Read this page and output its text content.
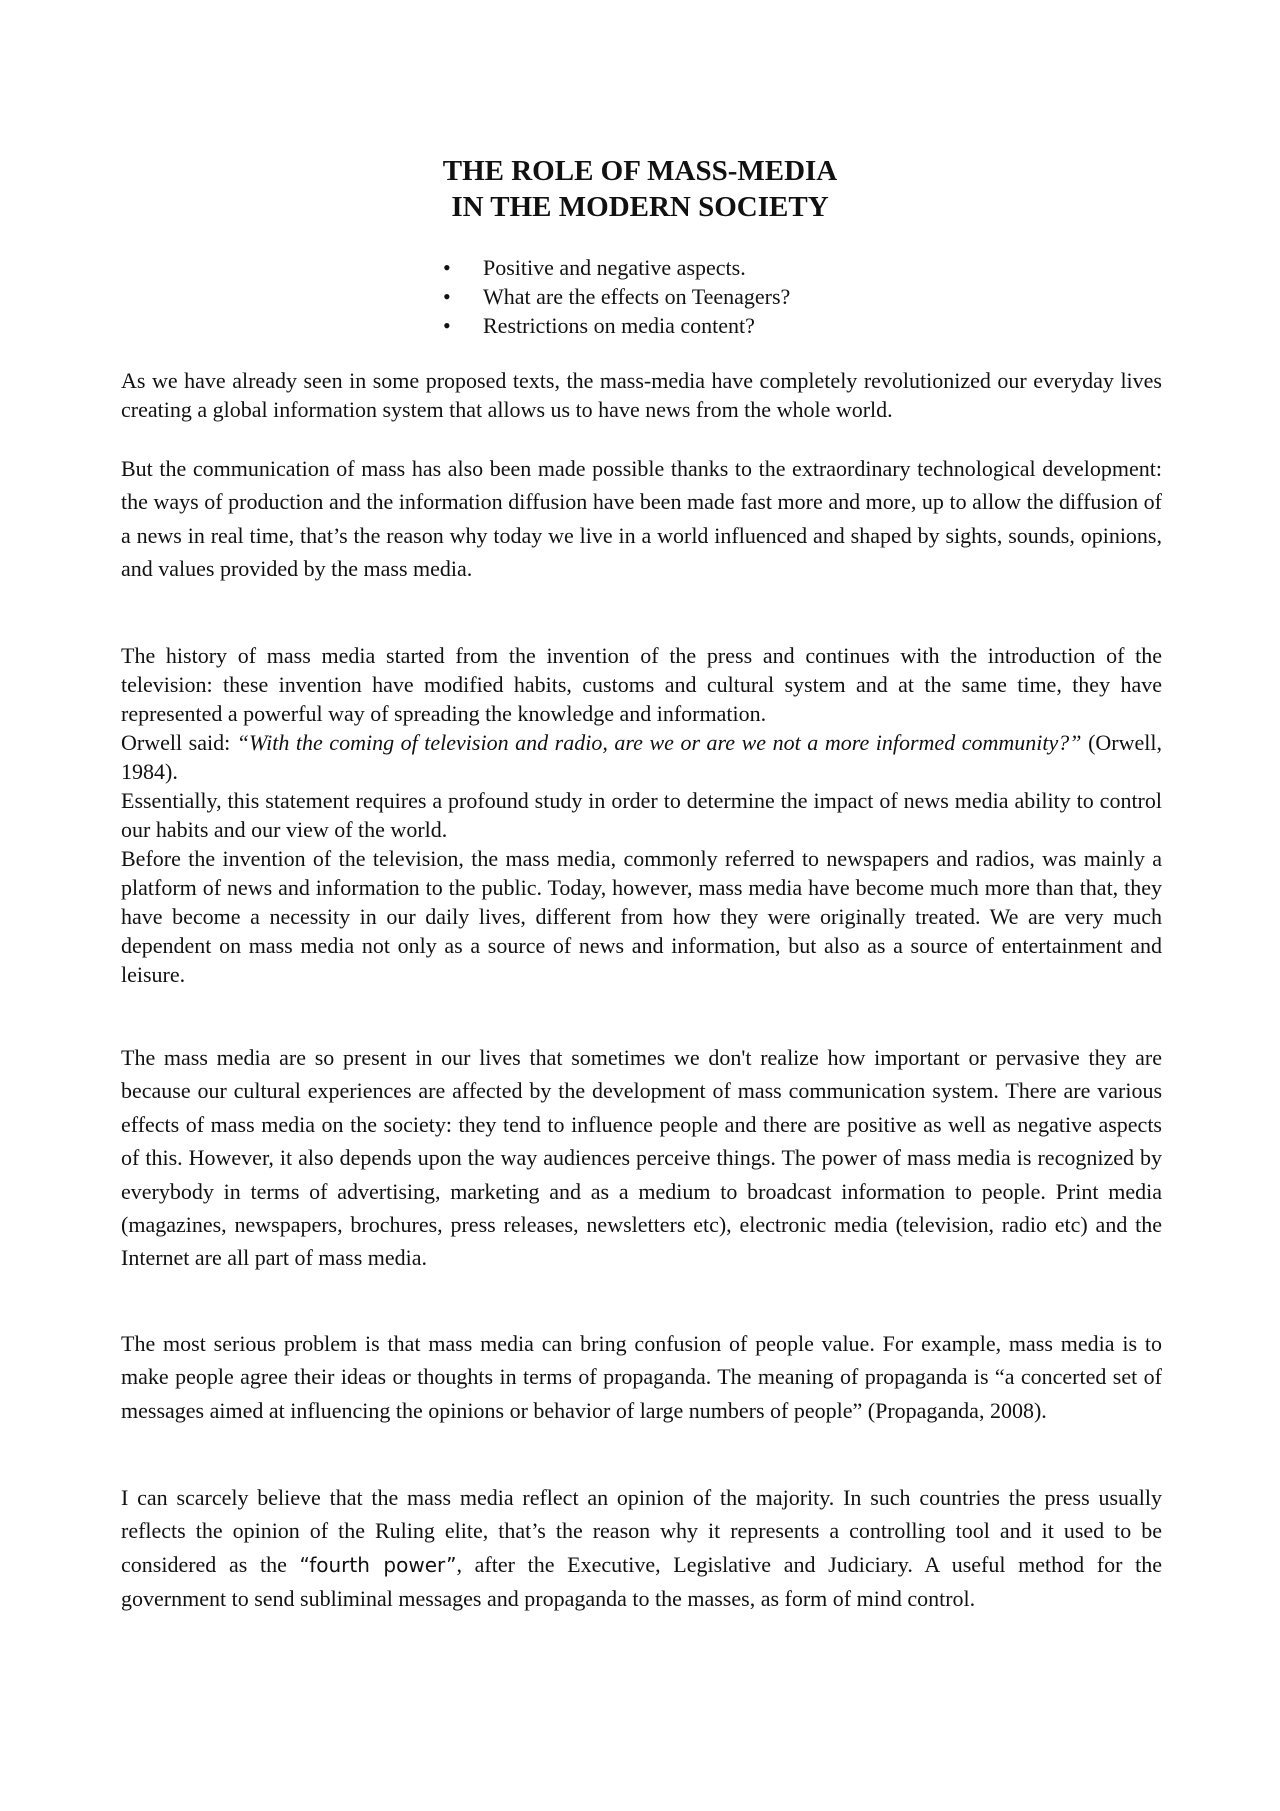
THE ROLE OF MASS-MEDIA
IN THE MODERN SOCIETY
• Positive and negative aspects.
• What are the effects on Teenagers?
• Restrictions on media content?

As we have already seen in some proposed texts, the mass-media have completely revolutionized our everyday lives creating a global information system that allows us to have news from the whole world.

But the communication of mass has also been made possible thanks to the extraordinary technological development: the ways of production and the information diffusion have been made fast more and more, up to allow the diffusion of a news in real time, that’s the reason why today we live in a world influenced and shaped by sights, sounds, opinions, and values provided by the mass media.

The history of mass media started from the invention of the press and continues with the introduction of the television: these invention have modified habits, customs and cultural system and at the same time, they have represented a powerful way of spreading the knowledge and information.

Orwell said: “With the coming of television and radio, are we or are we not a more informed community?” (Orwell, 1984).

Essentially, this statement requires a profound study in order to determine the impact of news media ability to control our habits and our view of the world.

Before the invention of the television, the mass media, commonly referred to newspapers and radios, was mainly a platform of news and information to the public. Today, however, mass media have become much more than that, they have become a necessity in our daily lives, different from how they were originally treated. We are very much dependent on mass media not only as a source of news and information, but also as a source of entertainment and leisure.

The mass media are so present in our lives that sometimes we don't realize how important or pervasive they are because our cultural experiences are affected by the development of mass communication system. There are various effects of mass media on the society: they tend to influence people and there are positive as well as negative aspects of this. However, it also depends upon the way audiences perceive things. The power of mass media is recognized by everybody in terms of advertising, marketing and as a medium to broadcast information to people. Print media (magazines, newspapers, brochures, press releases, newsletters etc), electronic media (television, radio etc) and the Internet are all part of mass media.

The most serious problem is that mass media can bring confusion of people value. For example, mass media is to make people agree their ideas or thoughts in terms of propaganda. The meaning of propaganda is “a concerted set of messages aimed at influencing the opinions or behavior of large numbers of people” (Propaganda, 2008).

I can scarcely believe that the mass media reflect an opinion of the majority. In such countries the press usually reflects the opinion of the Ruling elite, that’s the reason why it represents a controlling tool and it used to be considered as the “fourth power”, after the Executive, Legislative and Judiciary. A useful method for the government to send subliminal messages and propaganda to the masses, as form of mind control.
